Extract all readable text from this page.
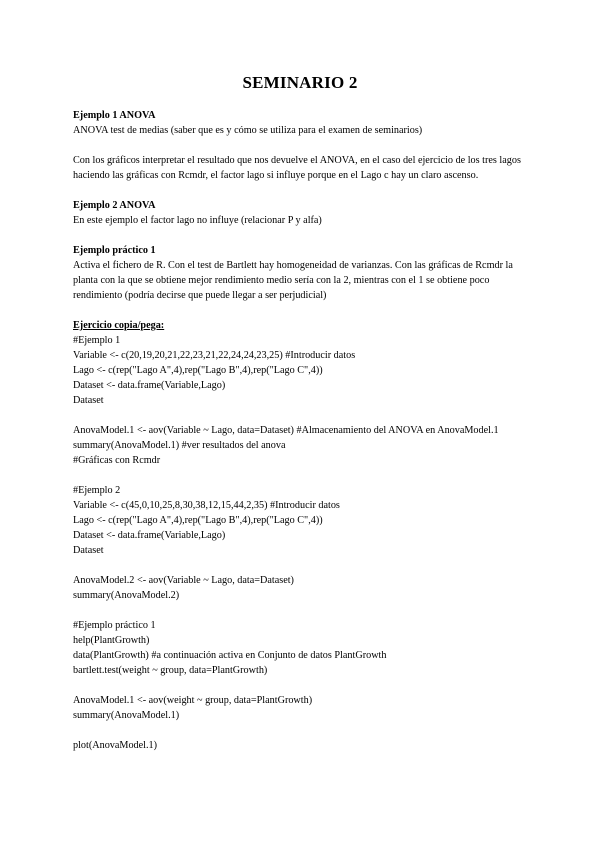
SEMINARIO 2

Ejemplo 1 ANOVA

ANOVA test de medias (saber que es y cómo se utiliza para el examen de seminarios)

Con los gráficos interpretar el resultado que nos devuelve el ANOVA, en el caso del ejercicio de los tres lagos haciendo las gráficas con Rcmdr, el factor lago si influye porque en el Lago c hay un claro ascenso.

Ejemplo 2 ANOVA

En este ejemplo el factor lago no influye (relacionar P y alfa)

Ejemplo práctico 1

Activa el fichero de R. Con el test de Bartlett hay homogeneidad de varianzas. Con las gráficas de Rcmdr la planta con la que se obtiene mejor rendimiento medio sería con la 2, mientras con el 1 se obtiene poco rendimiento (podría decirse que puede llegar a ser perjudicial)

Ejercicio copia/pega:

#Ejemplo 1

Variable <- c(20,19,20,21,22,23,21,22,24,24,23,25) #Introducir datos

Lago <- c(rep("Lago A",4),rep("Lago B",4),rep("Lago C",4))

Dataset <- data.frame(Variable,Lago)

Dataset

AnovaModel.1 <- aov(Variable ~ Lago, data=Dataset) #Almacenamiento del ANOVA en AnovaModel.1

summary(AnovaModel.1) #ver resultados del anova

#Gráficas con Rcmdr

#Ejemplo 2

Variable <- c(45,0,10,25,8,30,38,12,15,44,2,35) #Introducir datos

Lago <- c(rep("Lago A",4),rep("Lago B",4),rep("Lago C",4))

Dataset <- data.frame(Variable,Lago)

Dataset

AnovaModel.2 <- aov(Variable ~ Lago, data=Dataset)

summary(AnovaModel.2)

#Ejemplo práctico 1

help(PlantGrowth)

data(PlantGrowth) #a continuación activa en Conjunto de datos PlantGrowth

bartlett.test(weight ~ group, data=PlantGrowth)

AnovaModel.1 <- aov(weight ~ group, data=PlantGrowth)

summary(AnovaModel.1)

plot(AnovaModel.1)
